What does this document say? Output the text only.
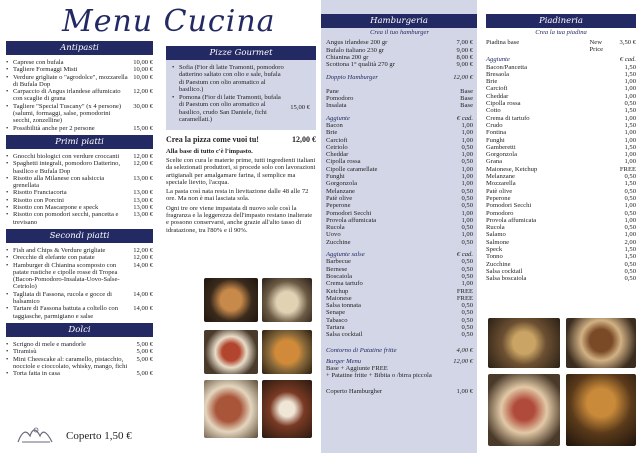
Menu Cucina
Antipasti
• Caprese con bufala	10,00 €
• Tagliere Formaggi Misti	10,00 €
• Verdure grigliate o "agrodolce", mozzarella di Bufala Dop
10,00 €
• Carpaccio di Angus irlandese affumicato con scaglie di grana
12,00 €
• Tagliere "Special Tuscany" (x 4 persone) (salumi, formaggi, salse, pomodorini secchi, zonzelline)
30,00 €
• Possibilità anche per 2 persone	15,00 €
Primi piatti
• Gnocchi biologici con verdure croccanti	12,00 €
• Spaghetti integrali, pomodoro Datterino, basilico e Bufala Dop
12,00 €
• Risotto alla Milanese con salsiccia grenellata
13,00 €
• Risotto Franciacorta	13,00 €
• Risotto con Porcini	13,00 €
• Risotto con Mascarpone e speck	13,00 €
• Risotto con pomodori secchi, pancetta e trevisano
13,00 €
Secondi piatti
• Fish and Chips & Verdure grigliate	12,00 €
• Orecchie di elefante con patate	12,00 €
• Hamburger di Chianina scomposto con patate rustiche e cipolle rosse di Tropea (Bacon-Pomodoro-Insalata-Uovo-Salse-Cetriolo)
14,00 €
• Tagliata di Fassona, rucola e gocce di balsamico
14,00 €
• Tartare di Fassona battuta a coltello con taggiasche, parmigiano e salse
14,00 €
Dolci
• Scrigno di mele e mandorle	5,00 €
• Tiramisù	5,00 €
• Mini Cheescake al: caramello, pistacchio, nocciole e cioccolato, whisky, mango, fichi
5,00 €
• Torta fatta in casa	5,00 €
Coperto 1,50 €
Pizze Gourmet
• Sofia (Fior di latte Tramonti, pomodoro datterino saltato con olio e sale, bufala di Paestum con olio aromatico al basilico.)
• Pomona (Fior di latte Tramonti, bufala di Paestum con olio aromatico al basilico, crudo San Daniele, fichi caramellati.)
15,00 €
Crea la pizza come vuoi tu!	12,00 €
Alla base di tutto c'è l'impasto.
Scelte con cura le materie prime, tutti ingredienti italiani da selezionati produttori, si procede solo con lavorazioni artigianali per amalgamare farina, il semplice ma speciale lievito, l'acqua.
La pasta così nata resta in lievitazione dalle 48 alle 72 ore. Ma non è mai lasciata sola.
Ogni tre ore viene impastata di nuovo sole così la fragranza e la leggerezza dell'impasto restano inalterate e possono conservarsi, anche grazie all'alto tasso di idratazione, tra l'80% e il 90%.
Hamburgeria
Crea il tuo hamburger
Angus irlandese 200 gr	7,00 €
Bufalo italiano 230 gr	9,00 €
Chianina 200 gr	8,00 €
Scottona 1° qualità 270 gr	9,00 €
Doppio Hamburger	12,00 €
Pane	Base
Pomodoro	Base
Insalata	Base
Aggiunte	€ cad.
Bacon	1,00
Brie	1,00
Carciofi	1,00
Cetriolo	0,50
Cheddar	1,00
Cipolla rossa	0,50
Cipolle caramellate	1,00
Funghi	1,00
Gorgonzola	1,00
Melanzane	0,50
Patè olive	0,50
Peperone	0,50
Pomodori Secchi	1,00
Provola affumicata	1,00
Rucola	0,50
Uovo	1,00
Zucchine	0,50
Aggiunte salse	€ cad.
Barbecue	0,50
Bernese	0,50
Boscaiola	0,50
Crema tartufo	1,00
Ketchup	FREE
Maionese	FREE
Salsa tonnata	0,50
Senape	0,50
Tabasco	0,50
Tartara	0,50
Salsa cocktail	0,50
Contorno di Patatine fritte	4,00 €
Burger Menu	12,00 €
Base + Aggiunte FREE
+ Patatine fritte + Bibita o /birra piccola
Coperto Hamburgher	1,00 €
Piadineria
Crea la tua piadina
Piadina base	New Price
3,50 €
Aggiunte	€ cad.
Bacon/Pancetta	1,50
Bresaola	1,50
Brie	1,00
Carciofi	1,00
Cheddar	1,00
Cipolla rossa	0,50
Cotto	1,50
Crema di tartufo	1,00
Crudo	1,50
Fontina	1,00
Funghi	1,00
Gamberetti	1,50
Gorgonzola	1,00
Grana	1,00
Maionese, Ketchup	FREE
Melanzane	0,50
Mozzarella	1,50
Patè olive	0,50
Peperone	0,50
Pomodori Secchi	1,00
Pomodoro	0,50
Provola affumicata	1,00
Rucola	0,50
Salamo	1,00
Salmone	2,00
Speck	1,50
Tonno	1,50
Zucchine	0,50
Salsa cocktail	0,50
Salsa boscaiola	0,50
